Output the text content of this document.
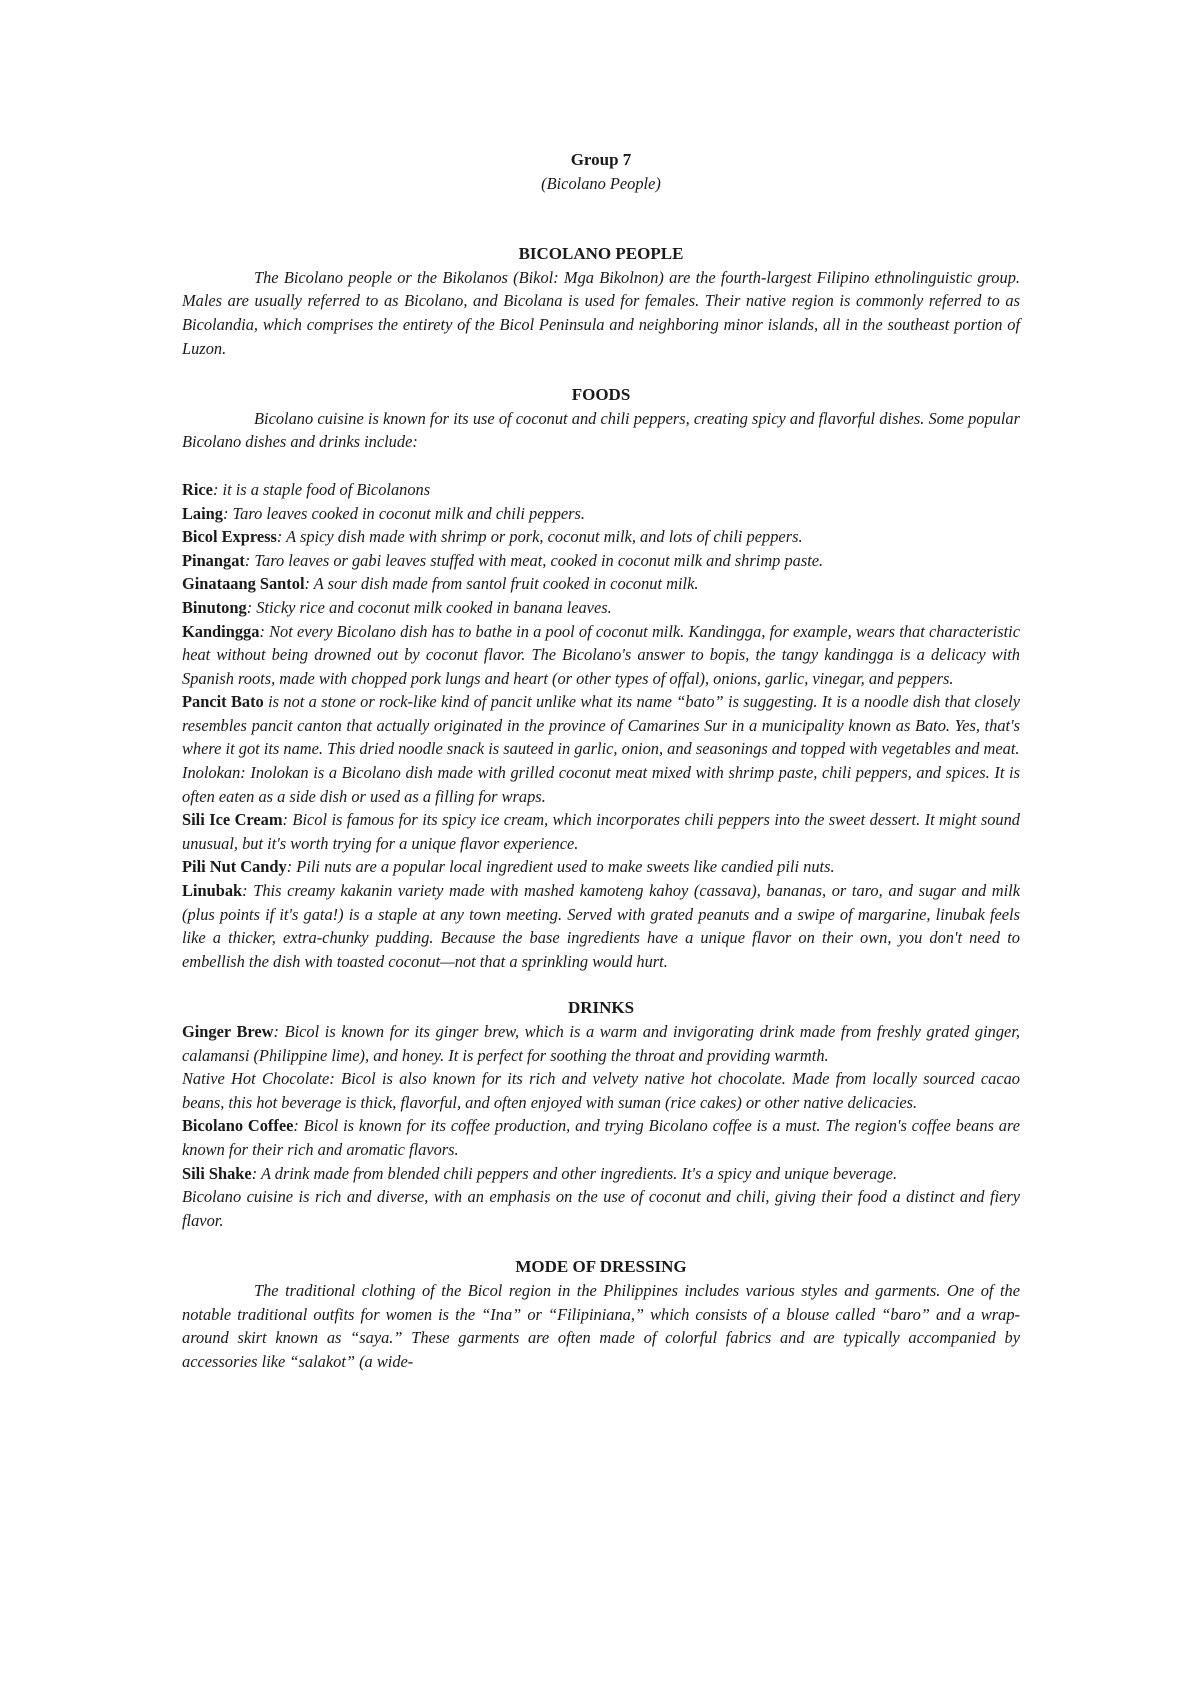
Group 7

(Bicolano People)

BICOLANO PEOPLE

The Bicolano people or the Bikolanos (Bikol: Mga Bikolnon) are the fourth-largest Filipino ethnolinguistic group. Males are usually referred to as Bicolano, and Bicolana is used for females. Their native region is commonly referred to as Bicolandia, which comprises the entirety of the Bicol Peninsula and neighboring minor islands, all in the southeast portion of Luzon.

FOODS

Bicolano cuisine is known for its use of coconut and chili peppers, creating spicy and flavorful dishes. Some popular Bicolano dishes and drinks include:

Rice: it is a staple food of Bicolanons

Laing: Taro leaves cooked in coconut milk and chili peppers.

Bicol Express: A spicy dish made with shrimp or pork, coconut milk, and lots of chili peppers.

Pinangat: Taro leaves or gabi leaves stuffed with meat, cooked in coconut milk and shrimp paste.

Ginataang Santol: A sour dish made from santol fruit cooked in coconut milk.

Binutong: Sticky rice and coconut milk cooked in banana leaves.

Kandingga: Not every Bicolano dish has to bathe in a pool of coconut milk. Kandingga, for example, wears that characteristic heat without being drowned out by coconut flavor. The Bicolano's answer to bopis, the tangy kandingga is a delicacy with Spanish roots, made with chopped pork lungs and heart (or other types of offal), onions, garlic, vinegar, and peppers.

Pancit Bato is not a stone or rock-like kind of pancit unlike what its name “bato” is suggesting. It is a noodle dish that closely resembles pancit canton that actually originated in the province of Camarines Sur in a municipality known as Bato. Yes, that's where it got its name. This dried noodle snack is sauteed in garlic, onion, and seasonings and topped with vegetables and meat.

Inolokan: Inolokan is a Bicolano dish made with grilled coconut meat mixed with shrimp paste, chili peppers, and spices. It is often eaten as a side dish or used as a filling for wraps.

Sili Ice Cream: Bicol is famous for its spicy ice cream, which incorporates chili peppers into the sweet dessert. It might sound unusual, but it's worth trying for a unique flavor experience.

Pili Nut Candy: Pili nuts are a popular local ingredient used to make sweets like candied pili nuts.

Linubak: This creamy kakanin variety made with mashed kamoteng kahoy (cassava), bananas, or taro, and sugar and milk (plus points if it's gata!) is a staple at any town meeting. Served with grated peanuts and a swipe of margarine, linubak feels like a thicker, extra-chunky pudding. Because the base ingredients have a unique flavor on their own, you don't need to embellish the dish with toasted coconut—not that a sprinkling would hurt.

DRINKS

Ginger Brew: Bicol is known for its ginger brew, which is a warm and invigorating drink made from freshly grated ginger, calamansi (Philippine lime), and honey. It is perfect for soothing the throat and providing warmth.

Native Hot Chocolate: Bicol is also known for its rich and velvety native hot chocolate. Made from locally sourced cacao beans, this hot beverage is thick, flavorful, and often enjoyed with suman (rice cakes) or other native delicacies.

Bicolano Coffee: Bicol is known for its coffee production, and trying Bicolano coffee is a must. The region's coffee beans are known for their rich and aromatic flavors.

Sili Shake: A drink made from blended chili peppers and other ingredients. It's a spicy and unique beverage.

Bicolano cuisine is rich and diverse, with an emphasis on the use of coconut and chili, giving their food a distinct and fiery flavor.

MODE OF DRESSING

The traditional clothing of the Bicol region in the Philippines includes various styles and garments. One of the notable traditional outfits for women is the “Ina” or “Filipiniana,” which consists of a blouse called “baro” and a wrap-around skirt known as “saya.” These garments are often made of colorful fabrics and are typically accompanied by accessories like “salakot” (a wide-
